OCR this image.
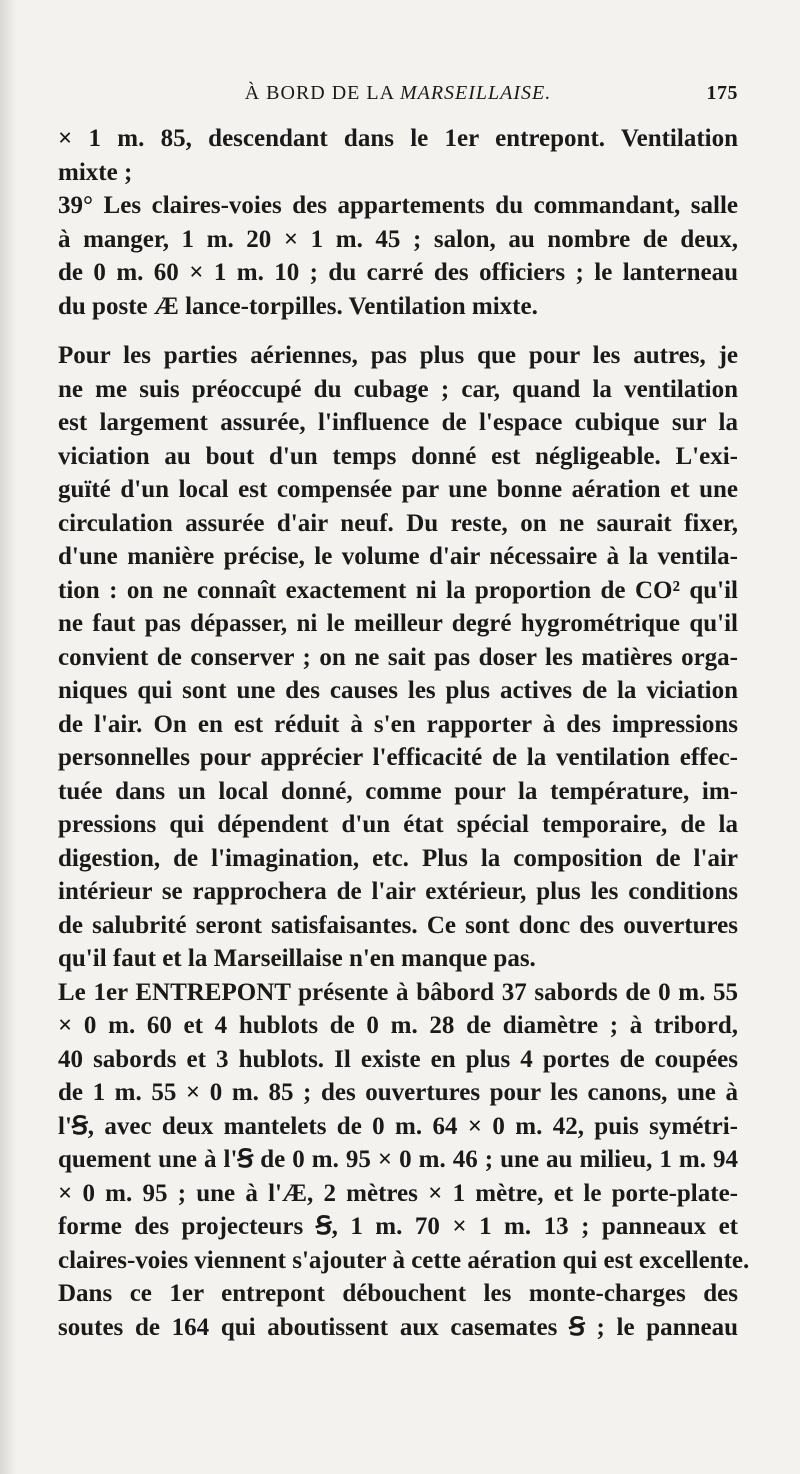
À BORD DE LA MARSEILLAISE.	175
× 1 m. 85, descendant dans le 1er entrepont. Ventilation
mixte ;
39° Les claires-voies des appartements du commandant, salle
à manger, 1 m. 20 × 1 m. 45 ; salon, au nombre de deux,
de 0 m. 60 × 1 m. 10 ; du carré des officiers ; le lanterneau
du poste Æ lance-torpilles. Ventilation mixte.
Pour les parties aériennes, pas plus que pour les autres, je
ne me suis préoccupé du cubage ; car, quand la ventilation
est largement assurée, l'influence de l'espace cubique sur la
viciation au bout d'un temps donné est négligeable. L'exi-
guïté d'un local est compensée par une bonne aération et une
circulation assurée d'air neuf. Du reste, on ne saurait fixer,
d'une manière précise, le volume d'air nécessaire à la ventila-
tion : on ne connaît exactement ni la proportion de CO² qu'il
ne faut pas dépasser, ni le meilleur degré hygrométrique qu'il
convient de conserver ; on ne sait pas doser les matières orga-
niques qui sont une des causes les plus actives de la viciation
de l'air. On en est réduit à s'en rapporter à des impressions
personnelles pour apprécier l'efficacité de la ventilation effec-
tuée dans un local donné, comme pour la température, im-
pressions qui dépendent d'un état spécial temporaire, de la
digestion, de l'imagination, etc. Plus la composition de l'air
intérieur se rapprochera de l'air extérieur, plus les conditions
de salubrité seront satisfaisantes. Ce sont donc des ouvertures
qu'il faut et la Marseillaise n'en manque pas.
Le 1er ENTREPONT présente à bâbord 37 sabords de 0 m. 55
× 0 m. 60 et 4 hublots de 0 m. 28 de diamètre ; à tribord,
40 sabords et 3 hublots. Il existe en plus 4 portes de coupées
de 1 m. 55 × 0 m. 85 ; des ouvertures pour les canons, une à
l'Ꞩ, avec deux mantelets de 0 m. 64 × 0 m. 42, puis symétri-
quement une à l'Ꞩ de 0 m. 95 × 0 m. 46 ; une au milieu, 1 m. 94
× 0 m. 95 ; une à l'Æ, 2 mètres × 1 mètre, et le porte-plate-
forme des projecteurs Ꞩ, 1 m. 70 × 1 m. 13 ; panneaux et
claires-voies viennent s'ajouter à cette aération qui est excellente.
Dans ce 1er entrepont débouchent les monte-charges des
soutes de 164 qui aboutissent aux casemates Ꞩ ; le panneau
